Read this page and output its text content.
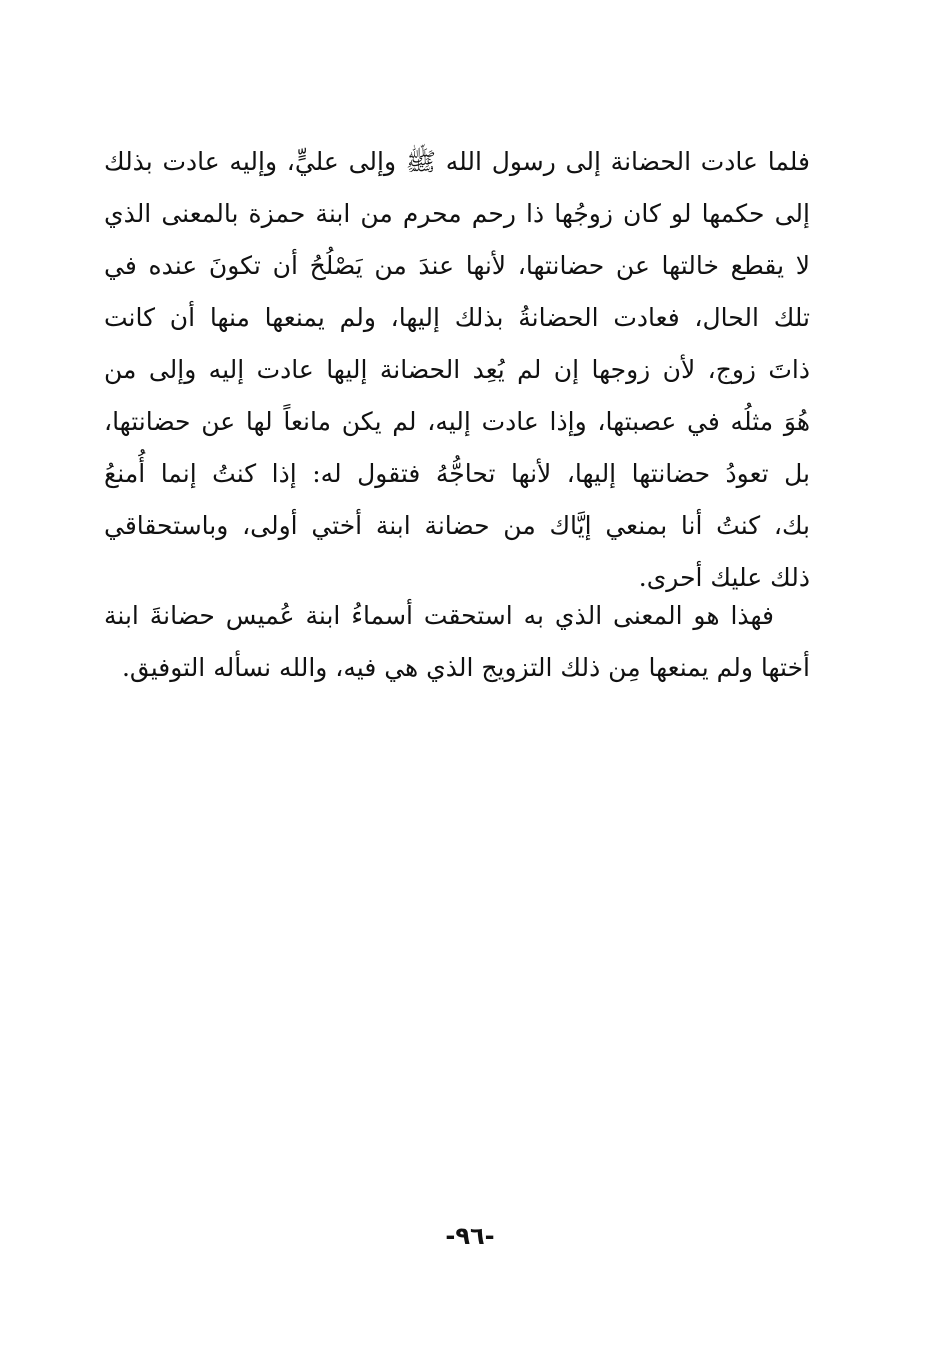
فلما عادت الحضانة إلى رسول الله ﷺ وإلى عليٍّ، وإليه عادت بذلك
إلى حكمها لو كان زوجُها ذا رحم محرم من ابنة حمزة بالمعنى الذي
لا يقطع خالتها عن حضانتها، لأنها عندَ من يَصْلُحُ أن تكونَ عنده في
تلك الحال، فعادت الحضانةُ بذلك إليها، ولم يمنعها منها أن كانت
ذاتَ زوج، لأن زوجها إن لم يُعِد الحضانة إليها عادت إليه وإلى من
هُوَ مثلُه في عصبتها، وإذا عادت إليه، لم يكن مانعاً لها عن حضانتها،
بل تعودُ حضانتها إليها، لأنها تحاجُّهُ فتقول له: إذا كنتُ إنما أُمنعُ
بك، كنتُ أنا بمنعي إيَّاك من حضانة ابنة أختي أولى، وباستحقاقي
ذلك عليك أحرى.
فهذا هو المعنى الذي به استحقت أسماءُ ابنة عُميس حضانةَ ابنة
أختها ولم يمنعها مِن ذلك التزويج الذي هي فيه، والله نسأله التوفيق.
-٩٦-
